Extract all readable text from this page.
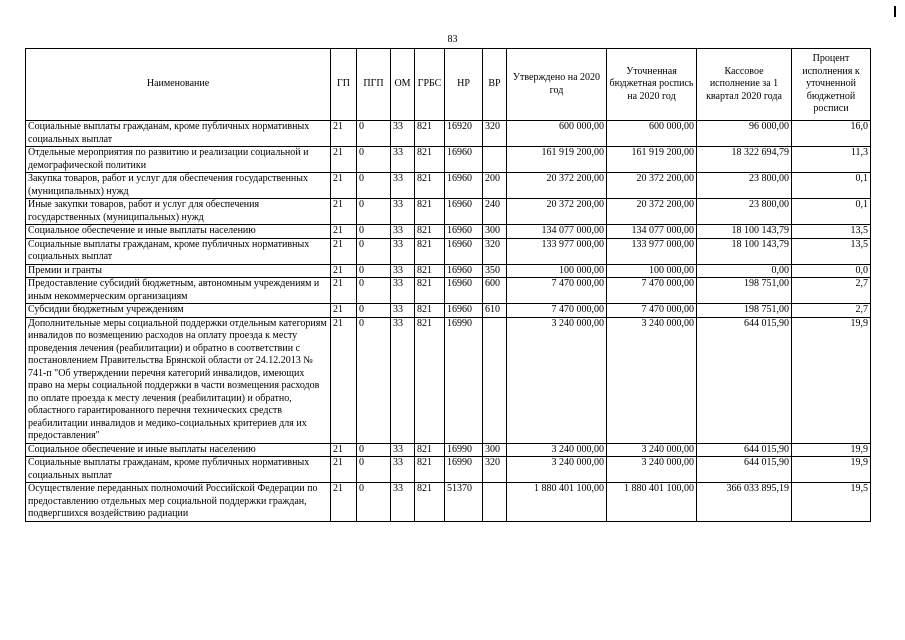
83
Наименование	ГП	ПГП	ОМ	ГРБС	НР	ВР	Утверждено на 2020 год	Уточненная бюджетная роспись на 2020 год	Кассовое исполнение за 1 квартал 2020 года	Процент исполнения к уточненной бюджетной росписи
Социальные выплаты гражданам, кроме публичных нормативных социальных выплат	21	0	33	821	16920	320	600 000,00	600 000,00	96 000,00	16,0
Отдельные мероприятия по развитию и реализации социальной и демографической политики	21	0	33	821	16960		161 919 200,00	161 919 200,00	18 322 694,79	11,3
Закупка товаров, работ и услуг для обеспечения государственных (муниципальных) нужд	21	0	33	821	16960	200	20 372 200,00	20 372 200,00	23 800,00	0,1
Иные закупки товаров, работ и услуг для обеспечения государственных (муниципальных) нужд	21	0	33	821	16960	240	20 372 200,00	20 372 200,00	23 800,00	0,1
Социальное обеспечение и иные выплаты населению	21	0	33	821	16960	300	134 077 000,00	134 077 000,00	18 100 143,79	13,5
Социальные выплаты гражданам, кроме публичных нормативных социальных выплат	21	0	33	821	16960	320	133 977 000,00	133 977 000,00	18 100 143,79	13,5
Премии и гранты	21	0	33	821	16960	350	100 000,00	100 000,00	0,00	0,0
Предоставление субсидий бюджетным, автономным учреждениям и иным некоммерческим организациям	21	0	33	821	16960	600	7 470 000,00	7 470 000,00	198 751,00	2,7
Субсидии бюджетным учреждениям	21	0	33	821	16960	610	7 470 000,00	7 470 000,00	198 751,00	2,7
Дополнительные меры социальной поддержки отдельным категориям инвалидов по возмещению расходов на оплату проезда к месту проведения лечения (реабилитации) и обратно в соответствии с постановлением Правительства Брянской области от 24.12.2013 № 741-п "Об утверждении перечня категорий инвалидов, имеющих право на меры социальной поддержки в части возмещения расходов по оплате проезда к месту лечения (реабилитации) и обратно, областного гарантированного перечня технических средств реабилитации инвалидов и медико-социальных критериев для их предоставления"	21	0	33	821	16990		3 240 000,00	3 240 000,00	644 015,90	19,9
Социальное обеспечение и иные выплаты населению	21	0	33	821	16990	300	3 240 000,00	3 240 000,00	644 015,90	19,9
Социальные выплаты гражданам, кроме публичных нормативных социальных выплат	21	0	33	821	16990	320	3 240 000,00	3 240 000,00	644 015,90	19,9
Осуществление переданных полномочий Российской Федерации по предоставлению отдельных мер социальной поддержки граждан, подвергшихся воздействию радиации	21	0	33	821	51370		1 880 401 100,00	1 880 401 100,00	366 033 895,19	19,5
